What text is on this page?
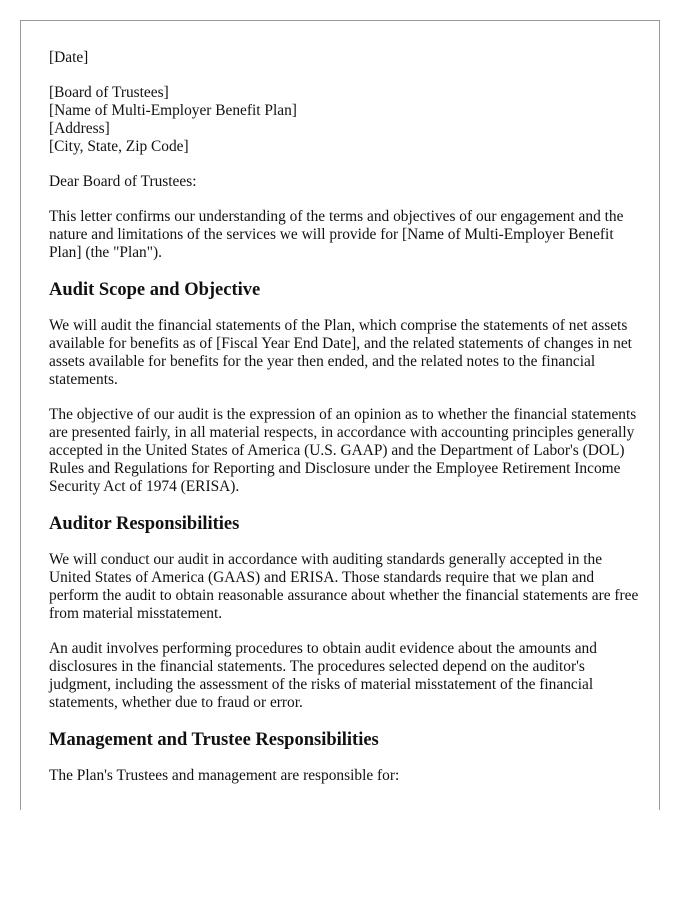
[Date]

[Board of Trustees]
[Name of Multi-Employer Benefit Plan]
[Address]
[City, State, Zip Code]

Dear Board of Trustees:

This letter confirms our understanding of the terms and objectives of our engagement and the nature and limitations of the services we will provide for [Name of Multi-Employer Benefit Plan] (the "Plan").

Audit Scope and Objective

We will audit the financial statements of the Plan, which comprise the statements of net assets available for benefits as of [Fiscal Year End Date], and the related statements of changes in net assets available for benefits for the year then ended, and the related notes to the financial statements.

The objective of our audit is the expression of an opinion as to whether the financial statements are presented fairly, in all material respects, in accordance with accounting principles generally accepted in the United States of America (U.S. GAAP) and the Department of Labor's (DOL) Rules and Regulations for Reporting and Disclosure under the Employee Retirement Income Security Act of 1974 (ERISA).

Auditor Responsibilities

We will conduct our audit in accordance with auditing standards generally accepted in the United States of America (GAAS) and ERISA. Those standards require that we plan and perform the audit to obtain reasonable assurance about whether the financial statements are free from material misstatement.

An audit involves performing procedures to obtain audit evidence about the amounts and disclosures in the financial statements. The procedures selected depend on the auditor's judgment, including the assessment of the risks of material misstatement of the financial statements, whether due to fraud or error.

Management and Trustee Responsibilities

The Plan's Trustees and management are responsible for:
